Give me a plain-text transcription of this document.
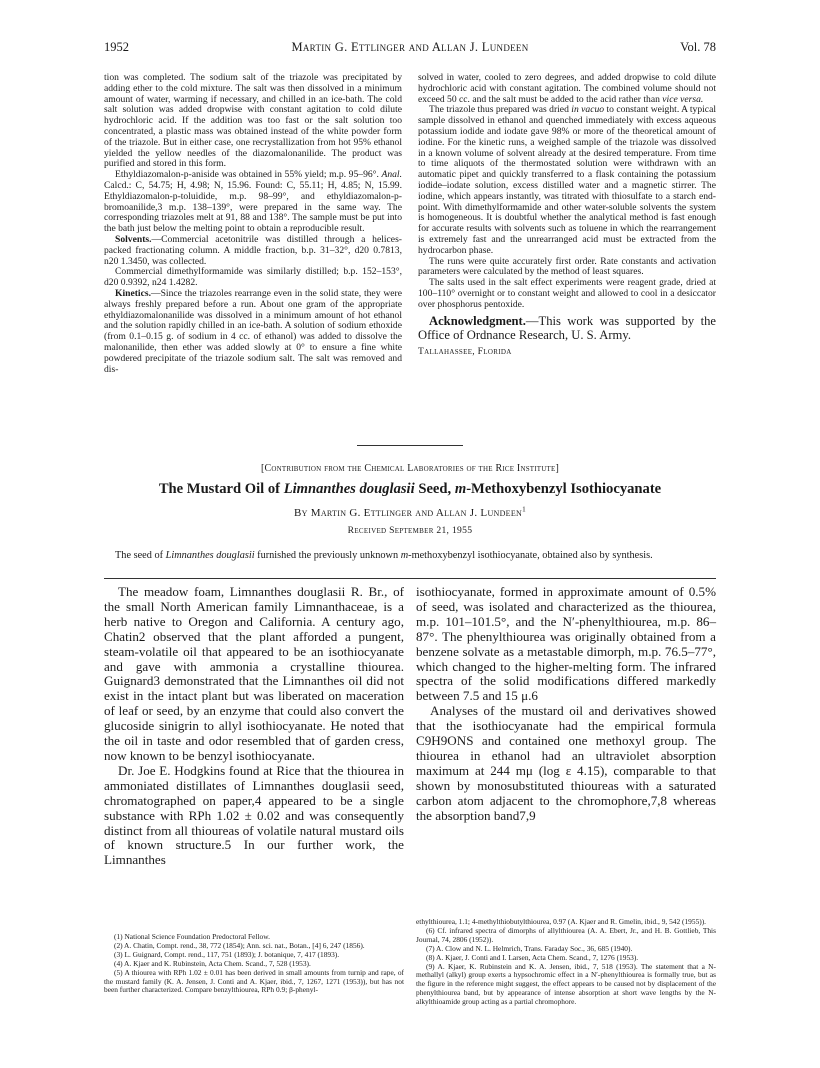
1952	Martin G. Ettlinger and Allan J. Lundeen	Vol. 78

tion was completed. The sodium salt of the triazole was precipitated by adding ether to the cold mixture. The salt was then dissolved in a minimum amount of water, warming if necessary, and chilled in an ice-bath. The cold salt solution was added dropwise with constant agitation to cold dilute hydrochloric acid. If the addition was too fast or the salt solution too concentrated, a plastic mass was obtained instead of the white powder form of the triazole. But in either case, one recrystallization from hot 95% ethanol yielded the yellow needles of the diazomalonanilide. The product was purified and stored in this form.

Ethyldiazomalon-p-aniside was obtained in 55% yield; m.p. 95–96°. Anal. Calcd.: C, 54.75; H, 4.98; N, 15.96. Found: C, 55.11; H, 4.85; N, 15.99. Ethyldiazomalon-p-toluidide, m.p. 98–99°, and ethyldiazomalon-p-bromoanilide,3 m.p. 138–139°, were prepared in the same way. The corresponding triazoles melt at 91, 88 and 138°. The sample must be put into the bath just below the melting point to obtain a reproducible result.

Solvents.—Commercial acetonitrile was distilled through a helices-packed fractionating column. A middle fraction, b.p. 31–32°, d20 0.7813, n20 1.3450, was collected.

Commercial dimethylformamide was similarly distilled; b.p. 152–153°, d20 0.9392, n24 1.4282.

Kinetics.—Since the triazoles rearrange even in the solid state, they were always freshly prepared before a run. About one gram of the appropriate ethyldiazomalonanilide was dissolved in a minimum amount of hot ethanol and the solution rapidly chilled in an ice-bath. A solution of sodium ethoxide (from 0.1–0.15 g. of sodium in 4 cc. of ethanol) was added to dissolve the malonanilide, then ether was added slowly at 0° to ensure a fine white powdered precipitate of the triazole sodium salt. The salt was removed and dis-

solved in water, cooled to zero degrees, and added dropwise to cold dilute hydrochloric acid with constant agitation. The combined volume should not exceed 50 cc. and the salt must be added to the acid rather than vice versa.

The triazole thus prepared was dried in vacuo to constant weight. A typical sample dissolved in ethanol and quenched immediately with excess aqueous potassium iodide and iodate gave 98% or more of the theoretical amount of iodine. For the kinetic runs, a weighed sample of the triazole was dissolved in a known volume of solvent already at the desired temperature. From time to time aliquots of the thermostated solution were withdrawn with an automatic pipet and quickly transferred to a flask containing the potassium iodide–iodate solution, excess distilled water and a magnetic stirrer. The iodine, which appears instantly, was titrated with thiosulfate to a starch end-point. With dimethylformamide and other water-soluble solvents the system is homogeneous. It is doubtful whether the analytical method is fast enough for accurate results with solvents such as toluene in which the rearrangement is extremely fast and the unrearranged acid must be extracted from the hydrocarbon phase.

The runs were quite accurately first order. Rate constants and activation parameters were calculated by the method of least squares.

The salts used in the salt effect experiments were reagent grade, dried at 100–110° overnight or to constant weight and allowed to cool in a desiccator over phosphorus pentoxide.

Acknowledgment.—This work was supported by the Office of Ordnance Research, U. S. Army.

Tallahassee, Florida
[Contribution from the Chemical Laboratories of the Rice Institute]
The Mustard Oil of Limnanthes douglasii Seed, m-Methoxybenzyl Isothiocyanate
By Martin G. Ettlinger and Allan J. Lundeen$^1$
Received September 21, 1955

The seed of Limnanthes douglasii furnished the previously unknown m-methoxybenzyl isothiocyanate, obtained also by synthesis.

The meadow foam, Limnanthes douglasii R. Br., of the small North American family Limnanthaceae, is a herb native to Oregon and California. A century ago, Chatin2 observed that the plant afforded a pungent, steam-volatile oil that appeared to be an isothiocyanate and gave with ammonia a crystalline thiourea. Guignard3 demonstrated that the Limnanthes oil did not exist in the intact plant but was liberated on maceration of leaf or seed, by an enzyme that could also convert the glucoside sinigrin to allyl isothiocyanate. He noted that the oil in taste and odor resembled that of garden cress, now known to be benzyl isothiocyanate.

Dr. Joe E. Hodgkins found at Rice that the thiourea in ammoniated distillates of Limnanthes douglasii seed, chromatographed on paper,4 appeared to be a single substance with RPh 1.02 ± 0.02 and was consequently distinct from all thioureas of volatile natural mustard oils of known structure.5 In our further work, the Limnanthes

isothiocyanate, formed in approximate amount of 0.5% of seed, was isolated and characterized as the thiourea, m.p. 101–101.5°, and the N′-phenylthiourea, m.p. 86–87°. The phenylthiourea was originally obtained from a benzene solvate as a metastable dimorph, m.p. 76.5–77°, which changed to the higher-melting form. The infrared spectra of the solid modifications differed markedly between 7.5 and 15 μ.6

Analyses of the mustard oil and derivatives showed that the isothiocyanate had the empirical formula C9H9ONS and contained one methoxyl group. The thiourea in ethanol had an ultraviolet absorption maximum at 244 mμ (log ε 4.15), comparable to that shown by monosubstituted thioureas with a saturated carbon atom adjacent to the chromophore,7,8 whereas the absorption band7,9

(1) National Science Foundation Predoctoral Fellow.

(2) A. Chatin, Compt. rend., 38, 772 (1854); Ann. sci. nat., Botan., [4] 6, 247 (1856).

(3) L. Guignard, Compt. rend., 117, 751 (1893); J. botanique, 7, 417 (1893).

(4) A. Kjaer and K. Rubinstein, Acta Chem. Scand., 7, 528 (1953).

(5) A thiourea with RPh 1.02 ± 0.01 has been derived in small amounts from turnip and rape, of the mustard family (K. A. Jensen, J. Conti and A. Kjaer, ibid., 7, 1267, 1271 (1953)), but has not been further characterized. Compare benzylthiourea, RPh 0.9; β-phenyl-

ethylthiourea, 1.1; 4-methylthiobutylthiourea, 0.97 (A. Kjaer and R. Gmelin, ibid., 9, 542 (1955)).

(6) Cf. infrared spectra of dimorphs of allylthiourea (A. A. Ebert, Jr., and H. B. Gottlieb, This Journal, 74, 2806 (1952)).

(7) A. Clow and N. L. Helmrich, Trans. Faraday Soc., 36, 685 (1940).

(8) A. Kjaer, J. Conti and I. Larsen, Acta Chem. Scand., 7, 1276 (1953).

(9) A. Kjaer, K. Rubinstein and K. A. Jensen, ibid., 7, 518 (1953). The statement that a N-methallyl (alkyl) group exerts a hypsochromic effect in a N′-phenylthiourea is formally true, but as the figure in the reference might suggest, the effect appears to be caused not by displacement of the phenylthiourea band, but by appearance of intense absorption at short wave lengths by the N-alkylthioamide group acting as a partial chromophore.
